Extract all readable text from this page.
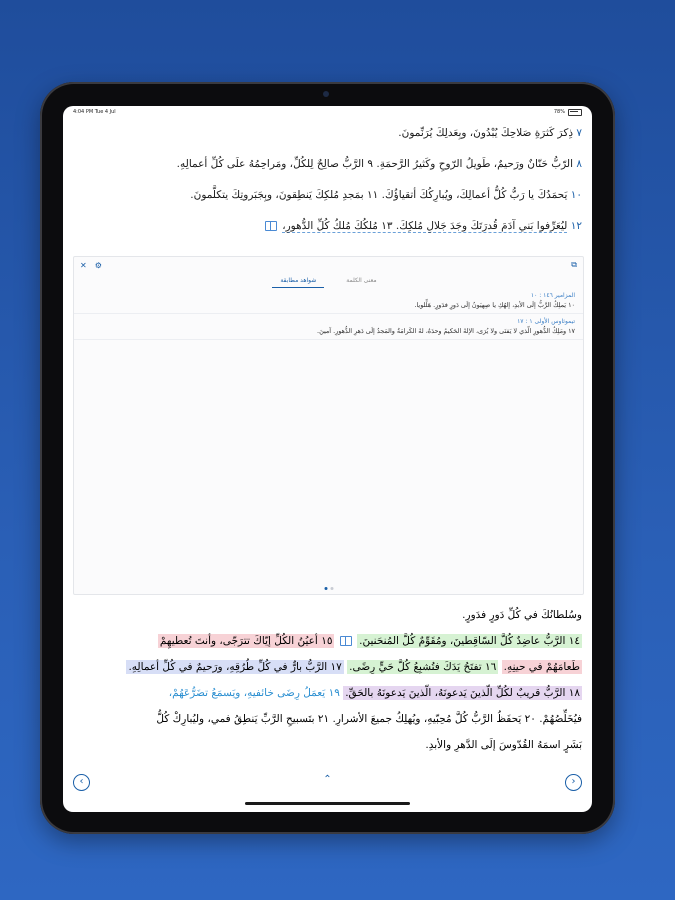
4:04 PM Tue 4 Jul	78%

٧ ذِكرَ كَثرَةِ صَلاحِكَ يُبْدُونَ، وبِعَدلِكَ يُرَنِّمونَ.

٨ الرّبُّ حَنّانٌ ورَحيمٌ، طَويلُ الرّوحِ وكَثيرُ الرَّحمَةِ. ٩ الرَّبُّ صالِحٌ لِلكُلِّ، ومَراحِمُهُ علَى كُلِّ أعمالِهِ.

١٠ يَحمَدُكَ يا رَبُّ كُلُّ أعمالِكَ، ويُبارِكُكَ أتقياؤُكَ. ١١ بمَجدِ مُلكِكَ يَنطِقونَ، وبِجَبَروتِكَ يتكلَّمونَ.

١٢ ليُعَرِّفوا بَني آدَمَ قُدرَتَكَ وجَدَ جَلالِ مُلكِكَ. ١٣ مُلكُكَ مُلكُ كُلِّ الدُّهورِ،

✕ ⚙	⧉
معنى الكلمة
شواهد مطابقة
المزامير ١٤٦ : ١٠
١٠ يَملِكُ الرَّبُّ إلَى الأبدِ، إلهُكِ يا صِهيَونُ إلَى دَورٍ فدَورٍ. هَلِّلويا.
تيموثاوس الأولى ١ : ١٧
١٧ ومَلِكُ الدُّهورِ الّذي لا يَفنَى ولا يُرَى، الإلهُ الحَكيمُ وحدَهُ، لهُ الكَرامَةُ والمَجدُ إلَى دَهرِ الدُّهورِ. آمينَ.

وسُلطانُكَ في كُلِّ دَورٍ فدَورٍ.

١٤ الرَّبُّ عاضِدٌ كُلَّ السّاقِطينَ، ومُقَوِّمٌ كُلَّ المُنحَنينَ.  ١٥ أعيُنُ الكُلِّ إيّاكَ تترَجّى، وأنتَ تُعطيهِمْ

طَعامَهُمْ في حينِهِ. ١٦ تفتَحُ يَدَكَ فتُشبِعُ كُلَّ حَيٍّ رِضًى. ١٧ الرَّبُّ بارٌّ في كُلِّ طُرُقِهِ، ورَحيمٌ في كُلِّ أعمالِهِ.

١٨ الرَّبُّ قريبٌ لكُلِّ الّذينَ يَدعونَهُ، الّذينَ يَدعونَهُ بالحَقِّ. ١٩ يَعمَلُ رِضَى خائفيهِ، ويَسمَعُ تضَرُّعَهُمْ،

فيُخَلِّصُهُمْ. ٢٠ يَحفَظُ الرَّبُّ كُلَّ مُحِبّيهِ، ويُهلِكُ جميعَ الأشرارِ. ٢١ بتَسبيحِ الرَّبِّ يَنطِقُ فمي، وليُبارِكْ كُلُّ

بَشَرٍ اسمَهُ القُدّوسَ إلَى الدَّهرِ والأبدِ.

‹	⌃	›
